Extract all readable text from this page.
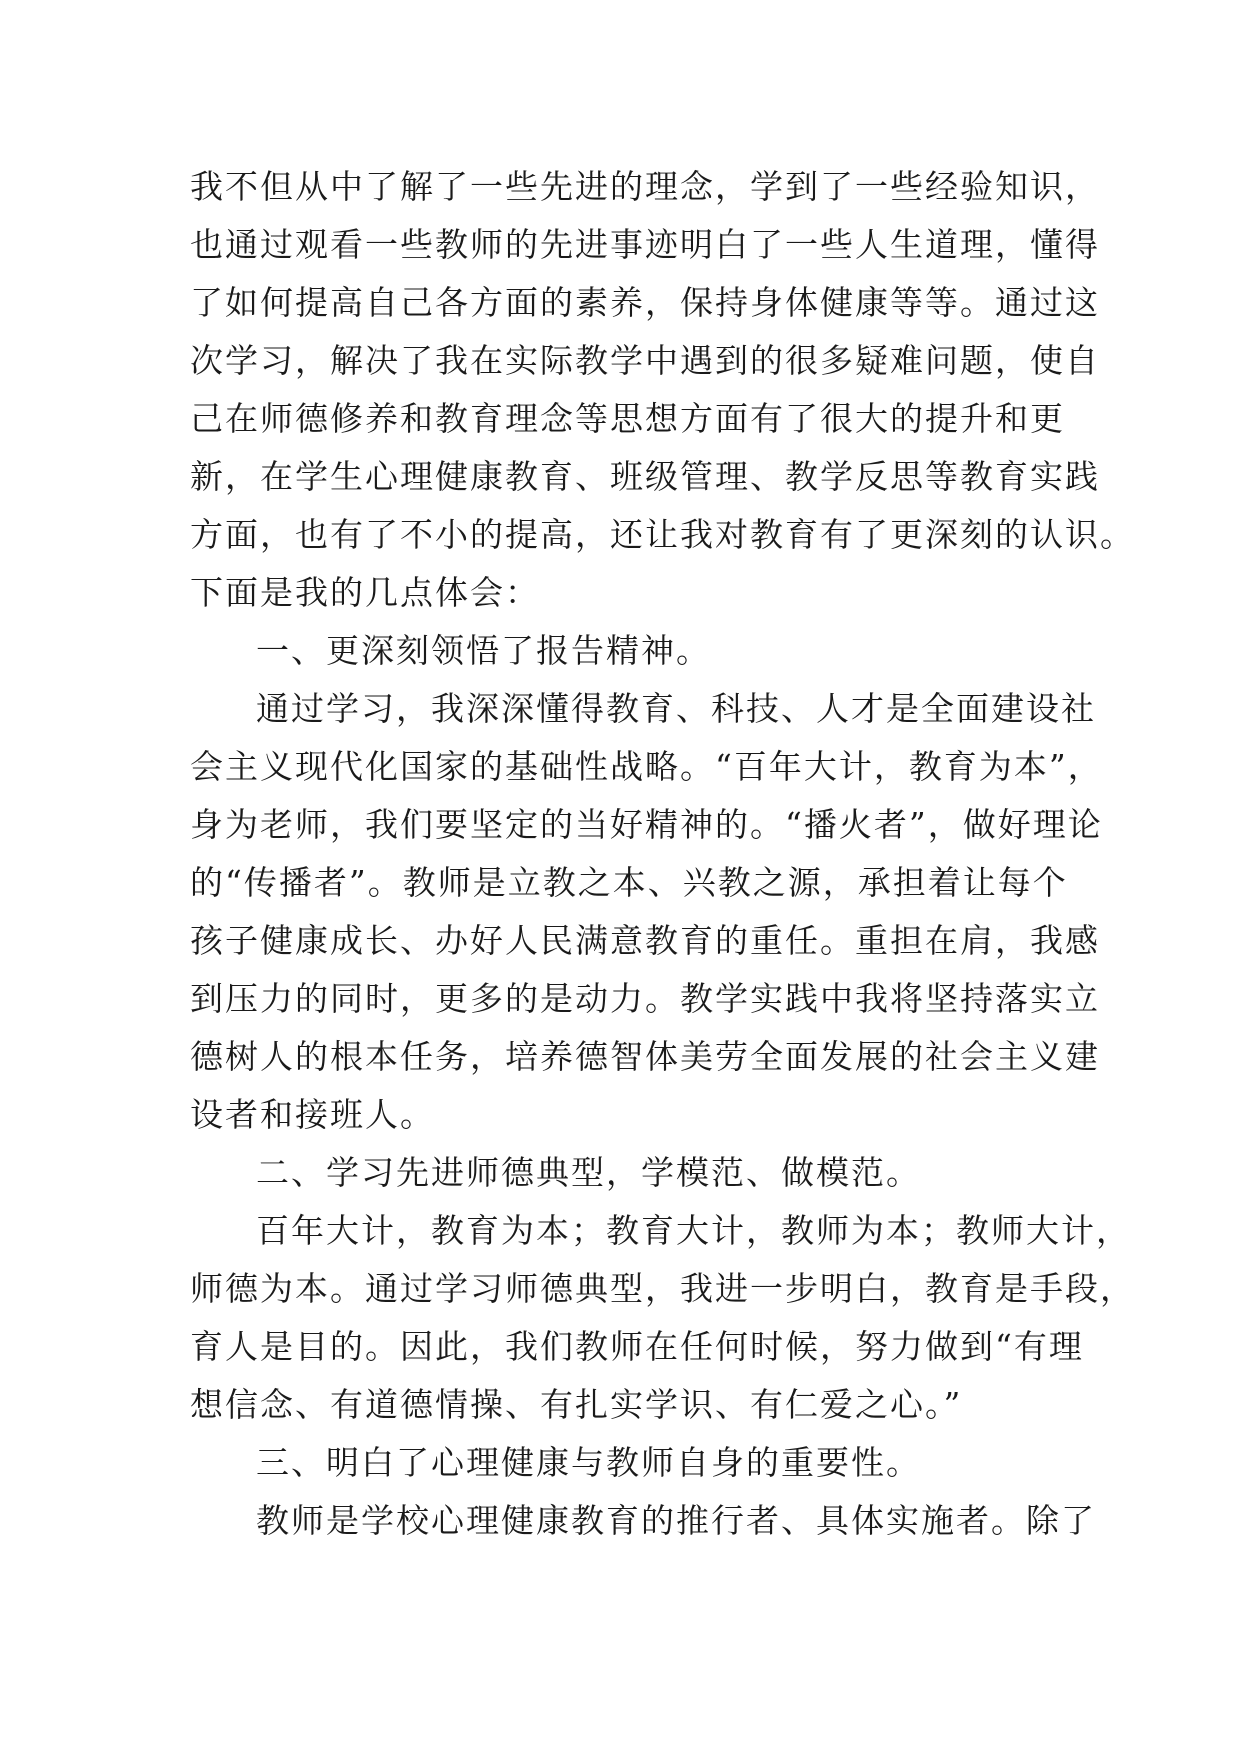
我不但从中了解了一些先进的理念，学到了一些经验知识，
也通过观看一些教师的先进事迹明白了一些人生道理，懂得
了如何提高自己各方面的素养，保持身体健康等等。通过这
次学习，解决了我在实际教学中遇到的很多疑难问题，使自
己在师德修养和教育理念等思想方面有了很大的提升和更
新，在学生心理健康教育、班级管理、教学反思等教育实践
方面，也有了不小的提高，还让我对教育有了更深刻的认识。
下面是我的几点体会：
一、更深刻领悟了报告精神。
通过学习，我深深懂得教育、科技、人才是全面建设社
会主义现代化国家的基础性战略。“百年大计，教育为本”，
身为老师，我们要坚定的当好精神的。“播火者”，做好理论
的“传播者”。教师是立教之本、兴教之源，承担着让每个
孩子健康成长、办好人民满意教育的重任。重担在肩，我感
到压力的同时，更多的是动力。教学实践中我将坚持落实立
德树人的根本任务，培养德智体美劳全面发展的社会主义建
设者和接班人。
二、学习先进师德典型，学模范、做模范。
百年大计，教育为本；教育大计，教师为本；教师大计，
师德为本。通过学习师德典型，我进一步明白，教育是手段，
育人是目的。因此，我们教师在任何时候，努力做到“有理
想信念、有道德情操、有扎实学识、有仁爱之心。”
三、明白了心理健康与教师自身的重要性。
教师是学校心理健康教育的推行者、具体实施者。除了
